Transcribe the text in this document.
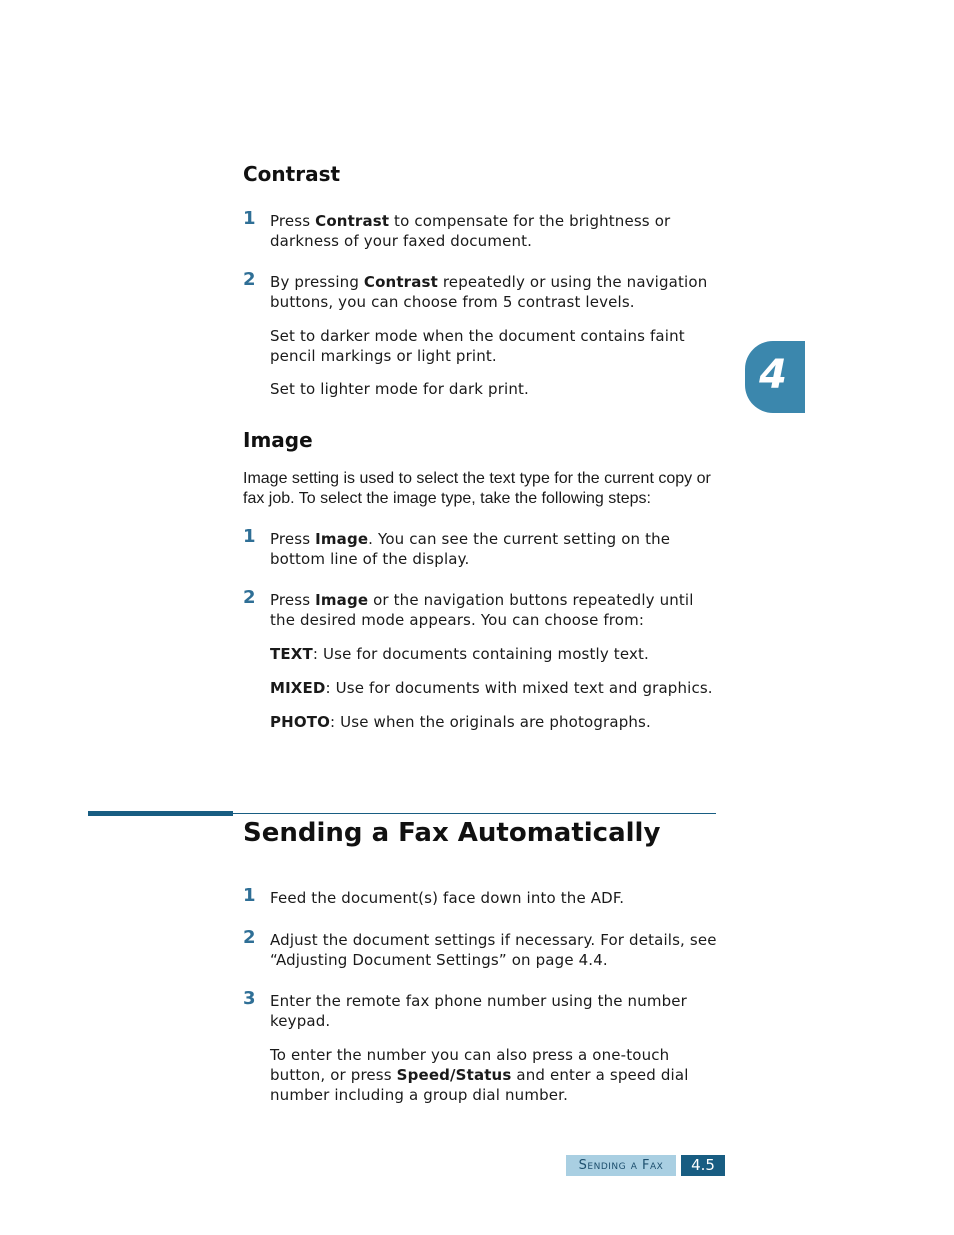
Contrast
1 Press Contrast to compensate for the brightness or darkness of your faxed document.
2 By pressing Contrast repeatedly or using the navigation buttons, you can choose from 5 contrast levels.

Set to darker mode when the document contains faint pencil markings or light print.

Set to lighter mode for dark print.

Image

Image setting is used to select the text type for the current copy or fax job. To select the image type, take the following steps:

1 Press Image. You can see the current setting on the bottom line of the display.
2 Press Image or the navigation buttons repeatedly until the desired mode appears. You can choose from:

TEXT: Use for documents containing mostly text.

MIXED: Use for documents with mixed text and graphics.

PHOTO: Use when the originals are photographs.

Sending a Fax Automatically
1 Feed the document(s) face down into the ADF.
2 Adjust the document settings if necessary. For details, see “Adjusting Document Settings” on page 4.4.
3 Enter the remote fax phone number using the number keypad.

To enter the number you can also press a one-touch button, or press Speed/Status and enter a speed dial number including a group dial number.

4
Sending a Fax	4.5
